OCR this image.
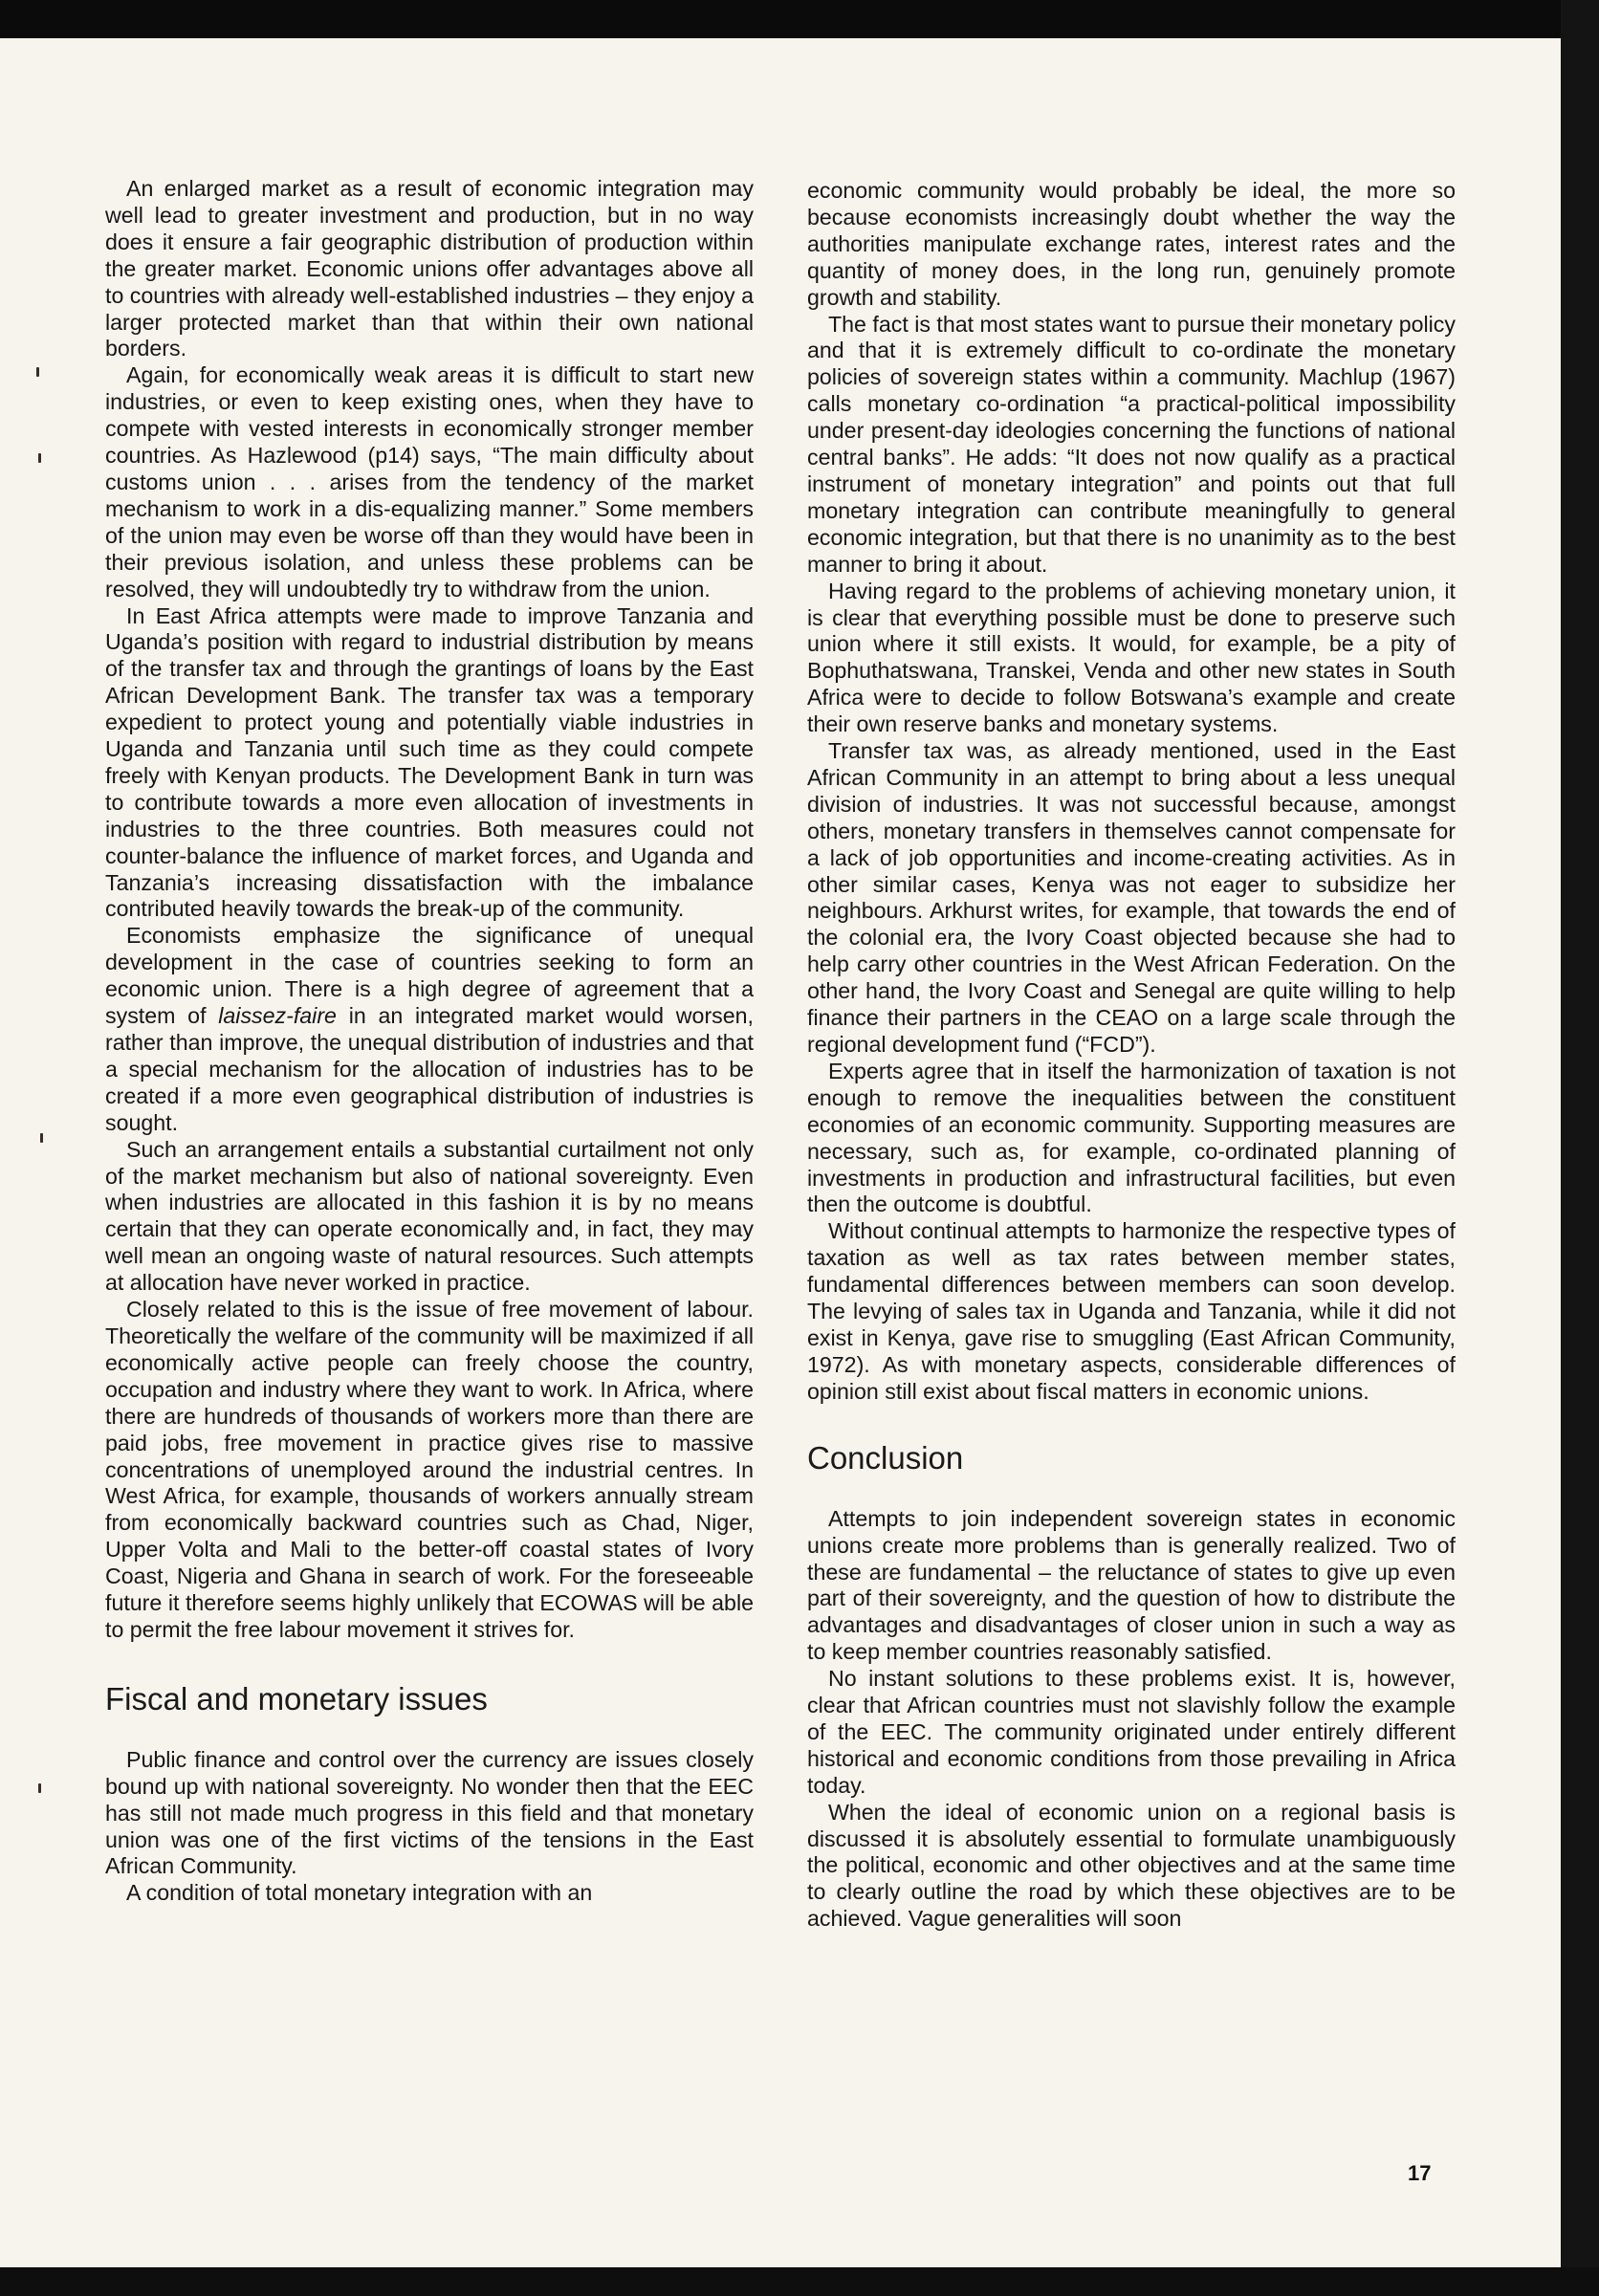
An enlarged market as a result of economic integration may well lead to greater investment and production, but in no way does it ensure a fair geographic distribution of production within the greater market. Economic unions offer advantages above all to countries with already well-established industries – they enjoy a larger protected market than that within their own national borders.

Again, for economically weak areas it is difficult to start new industries, or even to keep existing ones, when they have to compete with vested interests in economically stronger member countries. As Hazlewood (p14) says, “The main difficulty about customs union . . . arises from the tendency of the market mechanism to work in a dis-equalizing manner.” Some members of the union may even be worse off than they would have been in their previous isolation, and unless these problems can be resolved, they will undoubtedly try to withdraw from the union.

In East Africa attempts were made to improve Tanzania and Uganda’s position with regard to industrial distribution by means of the transfer tax and through the grantings of loans by the East African Development Bank. The transfer tax was a temporary expedient to protect young and potentially viable industries in Uganda and Tanzania until such time as they could compete freely with Kenyan products. The Development Bank in turn was to contribute towards a more even allocation of investments in industries to the three countries. Both measures could not counter-balance the influence of market forces, and Uganda and Tanzania’s increasing dissatisfaction with the imbalance contributed heavily towards the break-up of the community.

Economists emphasize the significance of unequal development in the case of countries seeking to form an economic union. There is a high degree of agreement that a system of laissez-faire in an integrated market would worsen, rather than improve, the unequal distribution of industries and that a special mechanism for the allocation of industries has to be created if a more even geographical distribution of industries is sought.

Such an arrangement entails a substantial curtailment not only of the market mechanism but also of national sovereignty. Even when industries are allocated in this fashion it is by no means certain that they can operate economically and, in fact, they may well mean an ongoing waste of natural resources. Such attempts at allocation have never worked in practice.

Closely related to this is the issue of free movement of labour. Theoretically the welfare of the community will be maximized if all economically active people can freely choose the country, occupation and industry where they want to work. In Africa, where there are hundreds of thousands of workers more than there are paid jobs, free movement in practice gives rise to massive concentrations of unemployed around the industrial centres. In West Africa, for example, thousands of workers annually stream from economically backward countries such as Chad, Niger, Upper Volta and Mali to the better-off coastal states of Ivory Coast, Nigeria and Ghana in search of work. For the foreseeable future it therefore seems highly unlikely that ECOWAS will be able to permit the free labour movement it strives for.

Fiscal and monetary issues

Public finance and control over the currency are issues closely bound up with national sovereignty. No wonder then that the EEC has still not made much progress in this field and that monetary union was one of the first victims of the tensions in the East African Community.

A condition of total monetary integration with an

economic community would probably be ideal, the more so because economists increasingly doubt whether the way the authorities manipulate exchange rates, interest rates and the quantity of money does, in the long run, genuinely promote growth and stability.

The fact is that most states want to pursue their monetary policy and that it is extremely difficult to co-ordinate the monetary policies of sovereign states within a community. Machlup (1967) calls monetary co-ordination “a practical-political impossibility under present-day ideologies concerning the functions of national central banks”. He adds: “It does not now qualify as a practical instrument of monetary integration” and points out that full monetary integration can contribute meaningfully to general economic integration, but that there is no unanimity as to the best manner to bring it about.

Having regard to the problems of achieving monetary union, it is clear that everything possible must be done to preserve such union where it still exists. It would, for example, be a pity of Bophuthatswana, Transkei, Venda and other new states in South Africa were to decide to follow Botswana’s example and create their own reserve banks and monetary systems.

Transfer tax was, as already mentioned, used in the East African Community in an attempt to bring about a less unequal division of industries. It was not successful because, amongst others, monetary transfers in themselves cannot compensate for a lack of job opportunities and income-creating activities. As in other similar cases, Kenya was not eager to subsidize her neighbours. Arkhurst writes, for example, that towards the end of the colonial era, the Ivory Coast objected because she had to help carry other countries in the West African Federation. On the other hand, the Ivory Coast and Senegal are quite willing to help finance their partners in the CEAO on a large scale through the regional development fund (“FCD”).

Experts agree that in itself the harmonization of taxation is not enough to remove the inequalities between the constituent economies of an economic community. Supporting measures are necessary, such as, for example, co-ordinated planning of investments in production and infrastructural facilities, but even then the outcome is doubtful.

Without continual attempts to harmonize the respective types of taxation as well as tax rates between member states, fundamental differences between members can soon develop. The levying of sales tax in Uganda and Tanzania, while it did not exist in Kenya, gave rise to smuggling (East African Community, 1972). As with monetary aspects, considerable differences of opinion still exist about fiscal matters in economic unions.

Conclusion

Attempts to join independent sovereign states in economic unions create more problems than is generally realized. Two of these are fundamental – the reluctance of states to give up even part of their sovereignty, and the question of how to distribute the advantages and disadvantages of closer union in such a way as to keep member countries reasonably satisfied.

No instant solutions to these problems exist. It is, however, clear that African countries must not slavishly follow the example of the EEC. The community originated under entirely different historical and economic conditions from those prevailing in Africa today.

When the ideal of economic union on a regional basis is discussed it is absolutely essential to formulate unambiguously the political, economic and other objectives and at the same time to clearly outline the road by which these objectives are to be achieved. Vague generalities will soon

17
